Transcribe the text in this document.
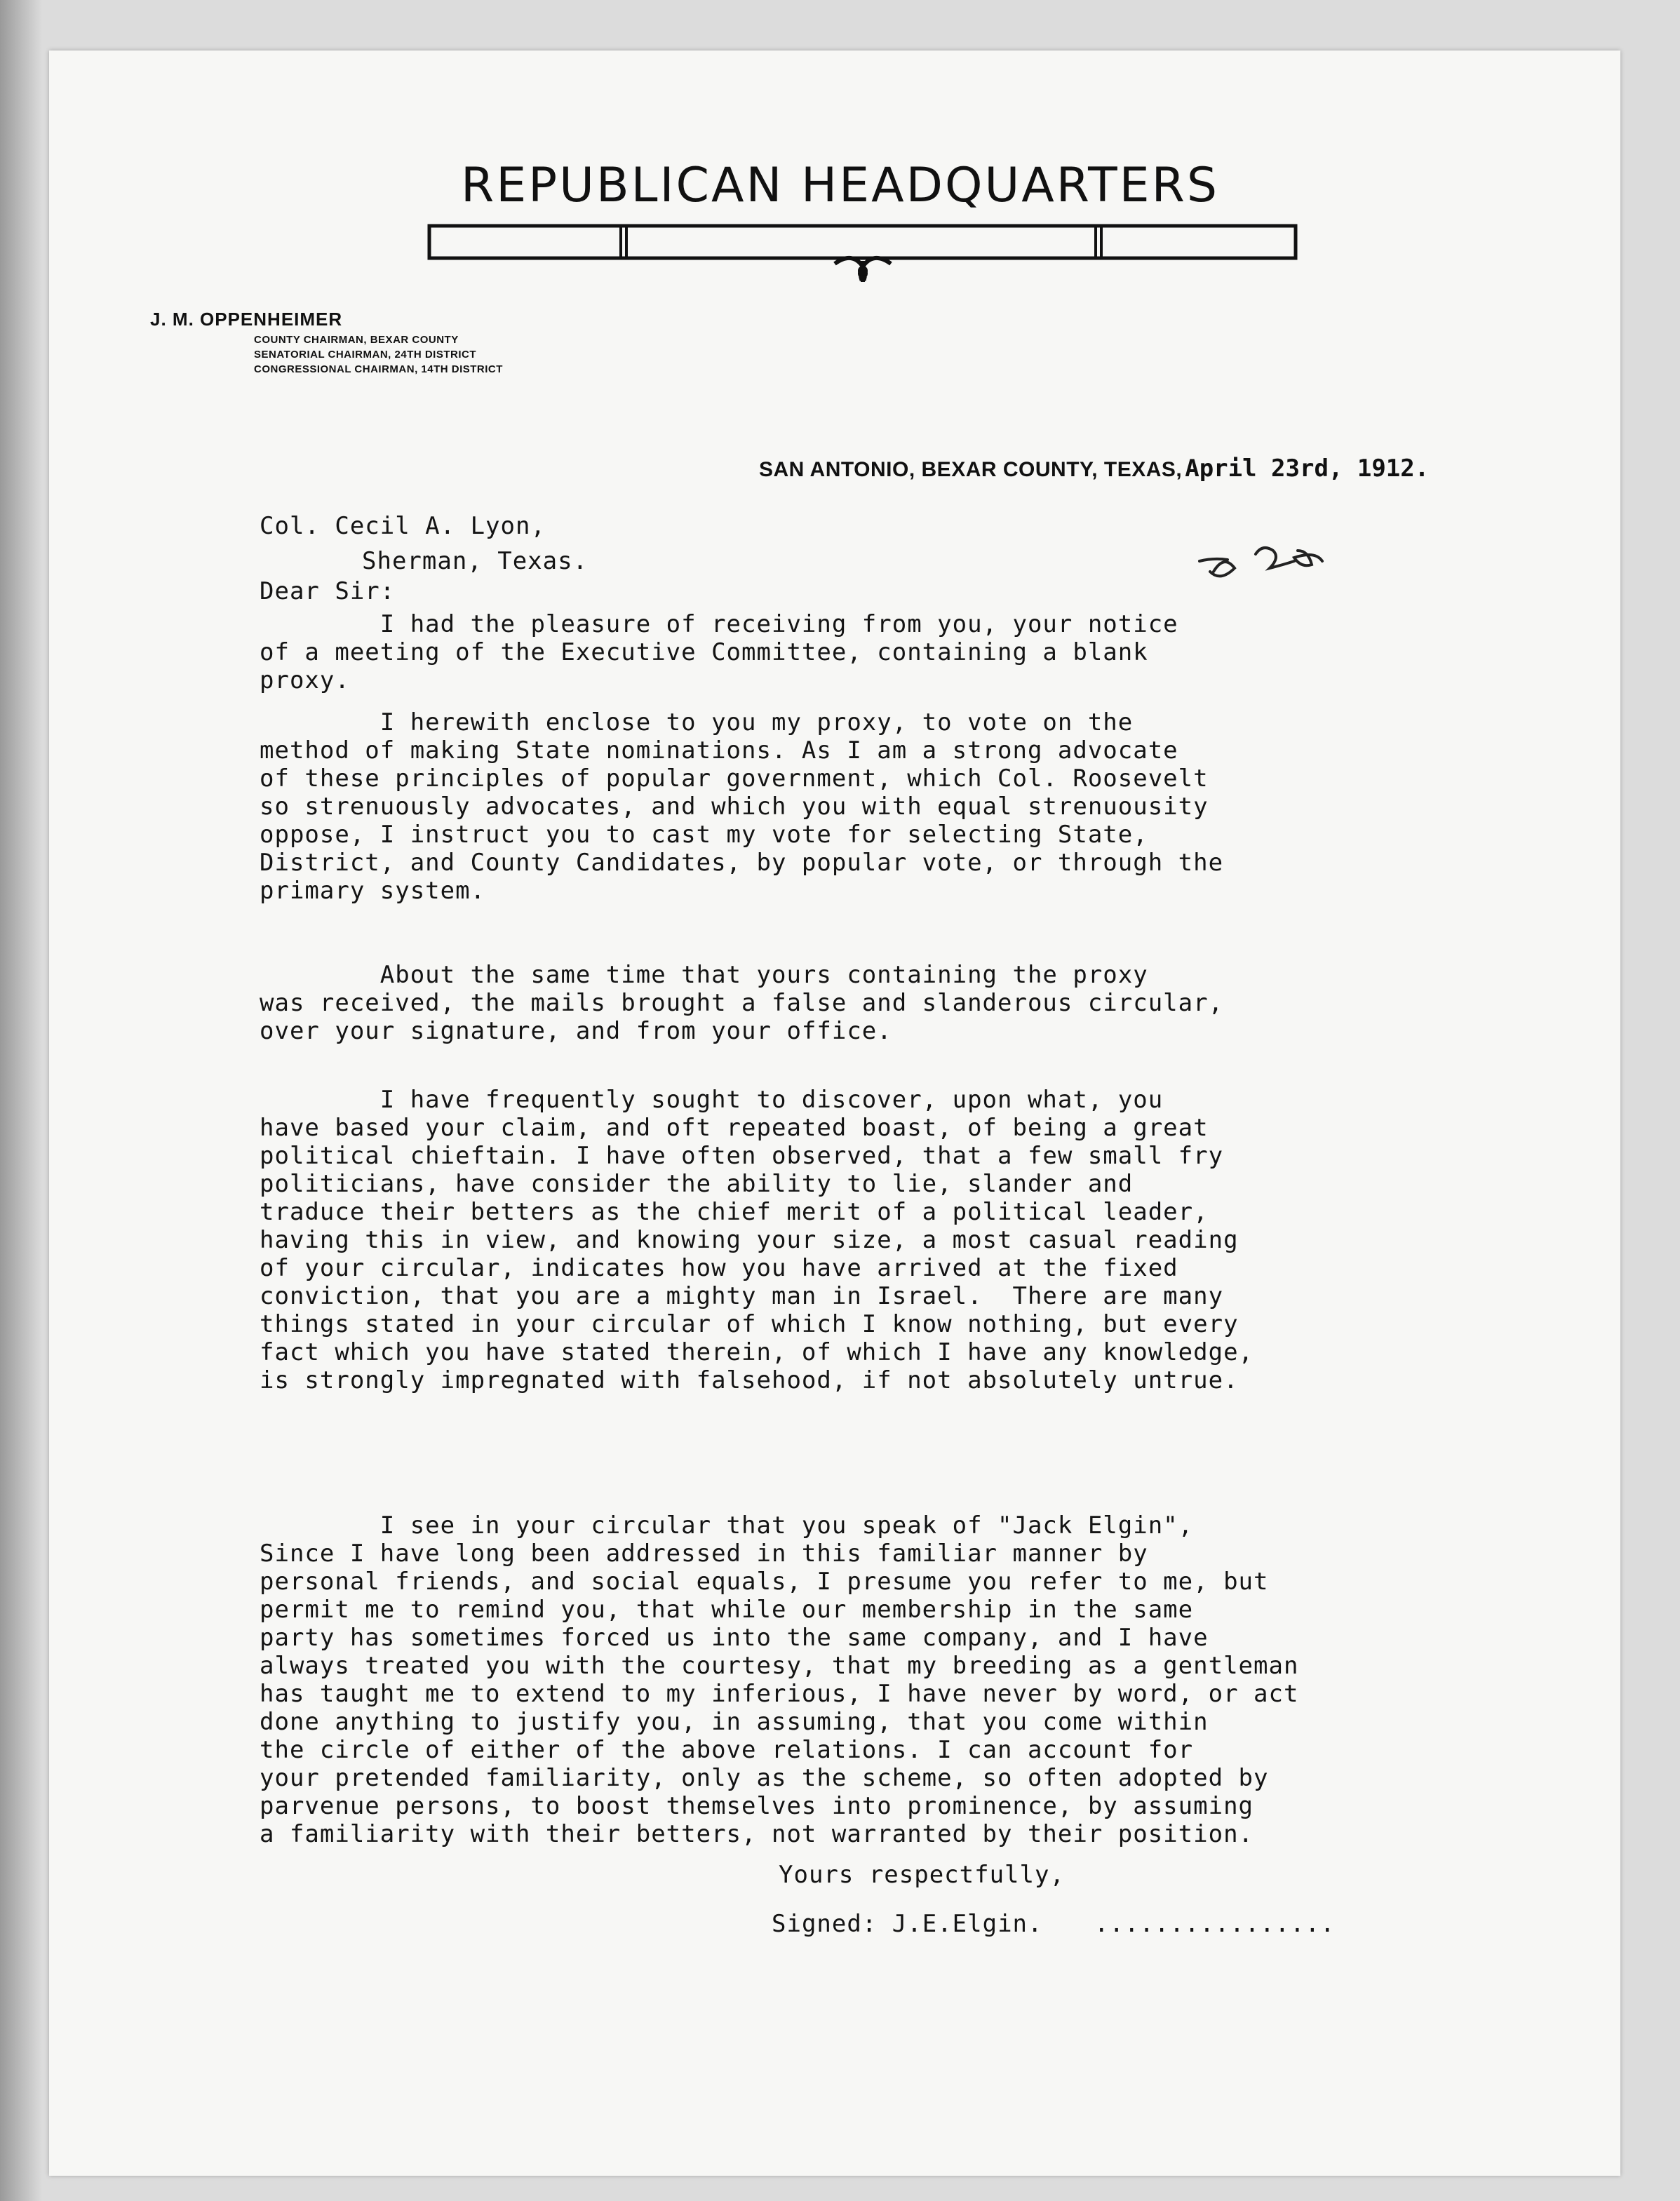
REPUBLICAN HEADQUARTERS
J. M. OPPENHEIMER
COUNTY CHAIRMAN, BEXAR COUNTY
SENATORIAL CHAIRMAN, 24TH DISTRICT
CONGRESSIONAL CHAIRMAN, 14TH DISTRICT
SAN ANTONIO, BEXAR COUNTY, TEXAS, April 23rd, 1912.
Col. Cecil A. Lyon,
Sherman, Texas.
Dear Sir:
I had the pleasure of receiving from you, your notice
of a meeting of the Executive Committee, containing a blank
proxy.
I herewith enclose to you my proxy, to vote on the
method of making State nominations. As I am a strong advocate
of these principles of popular government, which Col. Roosevelt
so strenuously advocates, and which you with equal strenuousity
oppose, I instruct you to cast my vote for selecting State,
District, and County Candidates, by popular vote, or through the
primary system.
About the same time that yours containing the proxy
was received, the mails brought a false and slanderous circular,
over your signature, and from your office.
I have frequently sought to discover, upon what, you
have based your claim, and oft repeated boast, of being a great
political chieftain. I have often observed, that a few small fry
politicians, have consider the ability to lie, slander and
traduce their betters as the chief merit of a political leader,
having this in view, and knowing your size, a most casual reading
of your circular, indicates how you have arrived at the fixed
conviction, that you are a mighty man in Israel.  There are many
things stated in your circular of which I know nothing, but every
fact which you have stated therein, of which I have any knowledge,
is strongly impregnated with falsehood, if not absolutely untrue.
I see in your circular that you speak of "Jack Elgin",
Since I have long been addressed in this familiar manner by
personal friends, and social equals, I presume you refer to me, but
permit me to remind you, that while our membership in the same
party has sometimes forced us into the same company, and I have
always treated you with the courtesy, that my breeding as a gentleman
has taught me to extend to my inferious, I have never by word, or act
done anything to justify you, in assuming, that you come within
the circle of either of the above relations. I can account for
your pretended familiarity, only as the scheme, so often adopted by
parvenue persons, to boost themselves into prominence, by assuming
a familiarity with their betters, not warranted by their position.
Yours respectfully,
Signed: J.E.Elgin. ................
